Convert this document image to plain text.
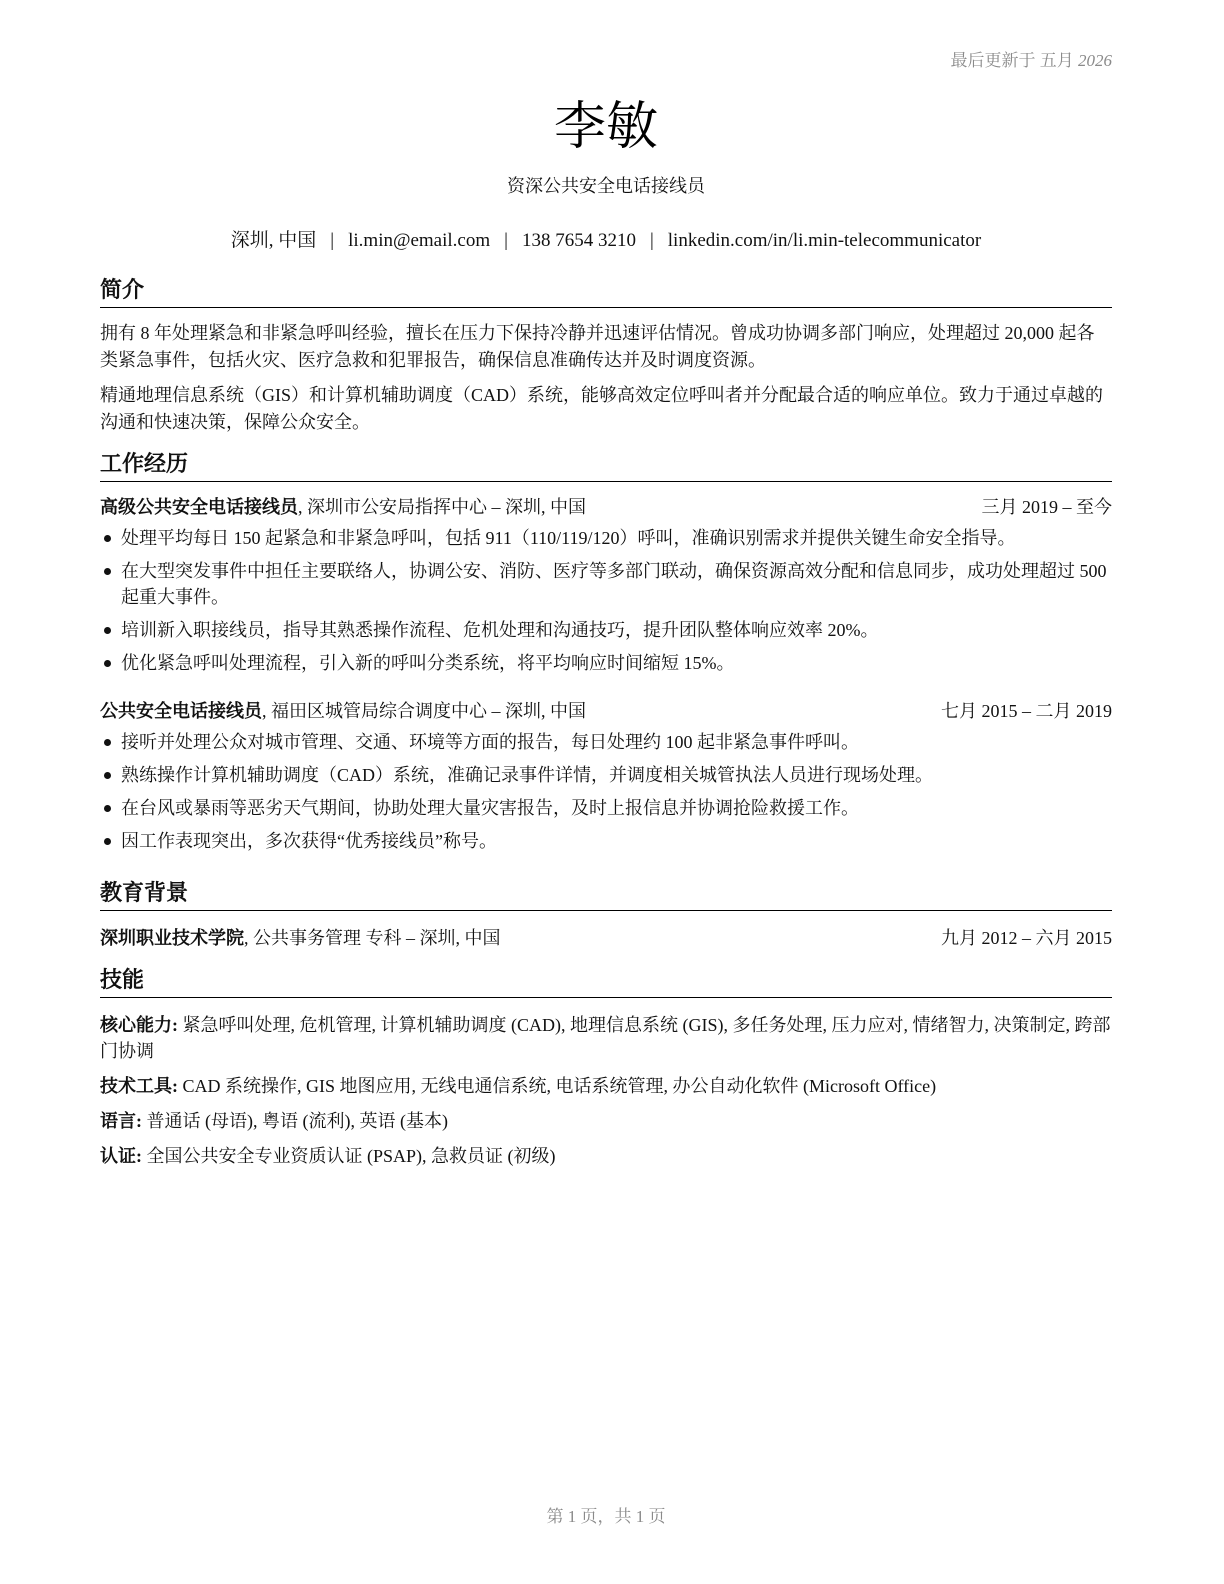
最后更新于 五月 2026
李敏
资深公共安全电话接线员
深圳, 中国 | li.min@email.com | 138 7654 3210 | linkedin.com/in/li.min-telecommunicator
简介

拥有 8 年处理紧急和非紧急呼叫经验，擅长在压力下保持冷静并迅速评估情况。曾成功协调多部门响应，处理超过 20,000 起各类紧急事件，包括火灾、医疗急救和犯罪报告，确保信息准确传达并及时调度资源。

精通地理信息系统（GIS）和计算机辅助调度（CAD）系统，能够高效定位呼叫者并分配最合适的响应单位。致力于通过卓越的沟通和快速决策，保障公众安全。

工作经历
高级公共安全电话接线员, 深圳市公安局指挥中心 – 深圳, 中国	三月 2019 – 至今
处理平均每日 150 起紧急和非紧急呼叫，包括 911（110/119/120）呼叫，准确识别需求并提供关键生命安全指导。
在大型突发事件中担任主要联络人，协调公安、消防、医疗等多部门联动，确保资源高效分配和信息同步，成功处理超过 500 起重大事件。
培训新入职接线员，指导其熟悉操作流程、危机处理和沟通技巧，提升团队整体响应效率 20%。
优化紧急呼叫处理流程，引入新的呼叫分类系统，将平均响应时间缩短 15%。
公共安全电话接线员, 福田区城管局综合调度中心 – 深圳, 中国	七月 2015 – 二月 2019
接听并处理公众对城市管理、交通、环境等方面的报告，每日处理约 100 起非紧急事件呼叫。
熟练操作计算机辅助调度（CAD）系统，准确记录事件详情，并调度相关城管执法人员进行现场处理。
在台风或暴雨等恶劣天气期间，协助处理大量灾害报告，及时上报信息并协调抢险救援工作。
因工作表现突出，多次获得“优秀接线员”称号。
教育背景
深圳职业技术学院, 公共事务管理 专科 – 深圳, 中国	九月 2012 – 六月 2015
技能
核心能力: 紧急呼叫处理, 危机管理, 计算机辅助调度 (CAD), 地理信息系统 (GIS), 多任务处理, 压力应对, 情绪智力, 决策制定, 跨部门协调
技术工具: CAD 系统操作, GIS 地图应用, 无线电通信系统, 电话系统管理, 办公自动化软件 (Microsoft Office)
语言: 普通话 (母语), 粤语 (流利), 英语 (基本)
认证: 全国公共安全专业资质认证 (PSAP), 急救员证 (初级)
第 1 页，共 1 页
